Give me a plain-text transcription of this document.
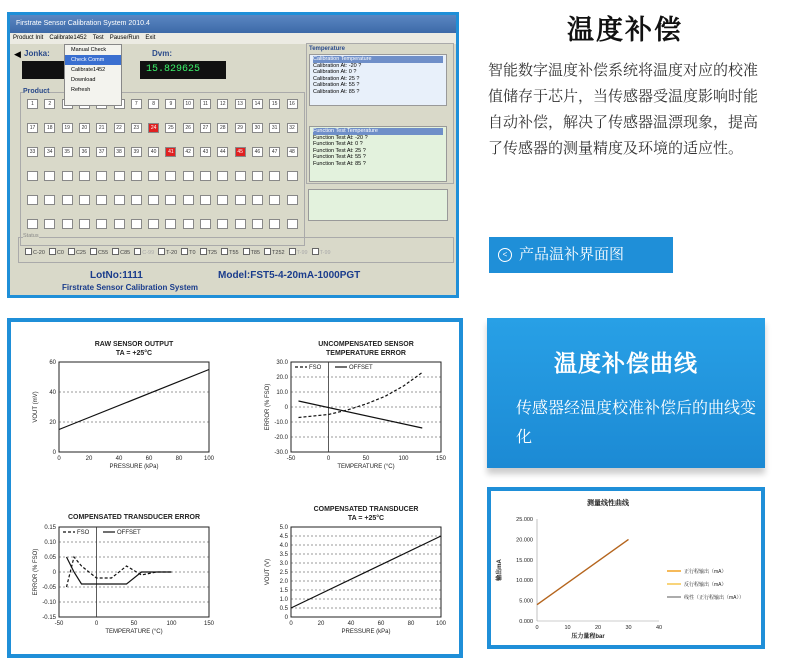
Firstrate Sensor Calibration System 2010.4
Product Init Calibrate1452 Test Pause/Run Exit
Manual Check
Check Comm
Calibrate1452
Download
Refresh
◀ Jonka:	Dvm:
15.829625
Product
1	2	7	8	9	10	11	12	13	14	15	16
17	18	19	20	21	22	23	24	25	26	27	28	29	30	31	32
33	34	35	36	37	38	39	40	41	42	43	44	45	46	47	48
Temperature
Calibration Temperature
Calibration At: -20 ?
Calibration At: 0 ?
Calibration At: 25 ?
Calibration At: 55 ?
Calibration At: 85 ?
Function Test Temperature
Function Test At: -20 ?
Function Test At: 0 ?
Function Test At: 25 ?
Function Test At: 55 ?
Function Test At: 85 ?
Status
C-20 C0 C25 C55 C85 C-99 T-20 T0 T25 T55 T85 T252 T-99 T-99
LotNo:1111	Model:FST5-4-20mA-1000PGT
Firstrate Sensor Calibration System
温度补偿
智能数字温度补偿系统将温度对应的校准值储存于芯片，当传感器受温度影响时能自动补偿，解决了传感器温漂现象，提高了传感器的测量精度及环境的适应性。
< 产品温补界面图
RAW SENSOR OUTPUT
TA = +25°C
0
20
40
60
0	20	40	60	80	100
PRESSURE (kPa)
VOUT (mV)
UNCOMPENSATED SENSOR
TEMPERATURE ERROR
-30.0
-20.0
-10.0
0
10.0
20.0
30.0
-50	0	50	100	150
TEMPERATURE (°C)
ERROR (% FSO)
FSO	OFFSET
COMPENSATED TRANSDUCER ERROR
-0.15
-0.10
-0.05
0
0.05
0.10
0.15
-50	0	50	100	150
TEMPERATURE (°C)
ERROR (% FSO)
FSO	OFFSET
COMPENSATED TRANSDUCER
TA = +25°C
0
0.5
1.0
1.5
2.0
2.5
3.0
3.5
4.0
4.5
5.0
0	20	40	60	80	100
PRESSURE (kPa)
VOUT (V)
温度补偿曲线
传感器经温度校准补偿后的曲线变化
测量线性曲线
0.000
5.000
10.000
15.000
20.000
25.000
0	10	20	30	40
压力量程bar
输出mA	正行程输出（mA）
反行程输出（mA）
线性（正行程输出（mA））
